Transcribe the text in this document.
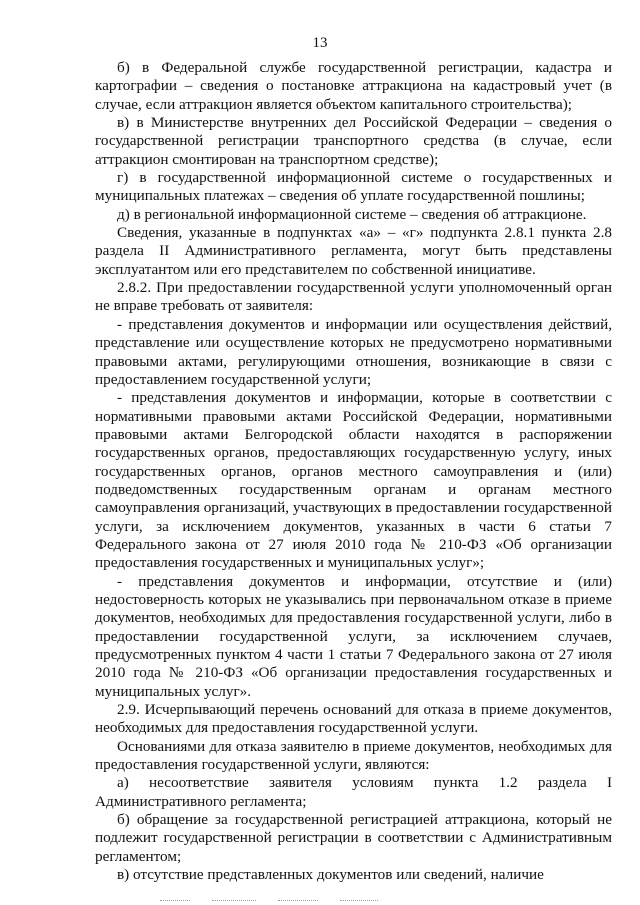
13

б) в Федеральной службе государственной регистрации, кадастра и картографии – сведения о постановке аттракциона на кадастровый учет (в случае, если аттракцион является объектом капитального строительства);

в) в Министерстве внутренних дел Российской Федерации – сведения о государственной регистрации транспортного средства (в случае, если аттракцион смонтирован на транспортном средстве);

г) в государственной информационной системе о государственных и муниципальных платежах – сведения об уплате государственной пошлины;

д) в региональной информационной системе – сведения об аттракционе.

Сведения, указанные в подпунктах «а» – «г» подпункта 2.8.1 пункта 2.8 раздела II Административного регламента, могут быть представлены эксплуатантом или его представителем по собственной инициативе.

2.8.2. При предоставлении государственной услуги уполномоченный орган не вправе требовать от заявителя:

- представления документов и информации или осуществления действий, представление или осуществление которых не предусмотрено нормативными правовыми актами, регулирующими отношения, возникающие в связи с предоставлением государственной услуги;

- представления документов и информации, которые в соответствии с нормативными правовыми актами Российской Федерации, нормативными правовыми актами Белгородской области находятся в распоряжении государственных органов, предоставляющих государственную услугу, иных государственных органов, органов местного самоуправления и (или) подведомственных государственным органам и органам местного самоуправления организаций, участвующих в предоставлении государственной услуги, за исключением документов, указанных в части 6 статьи 7 Федерального закона от 27 июля 2010 года № 210-ФЗ «Об организации предоставления государственных и муниципальных услуг»;

- представления документов и информации, отсутствие и (или) недостоверность которых не указывались при первоначальном отказе в приеме документов, необходимых для предоставления государственной услуги, либо в предоставлении государственной услуги, за исключением случаев, предусмотренных пунктом 4 части 1 статьи 7 Федерального закона от 27 июля 2010 года № 210-ФЗ «Об организации предоставления государственных и муниципальных услуг».

2.9. Исчерпывающий перечень оснований для отказа в приеме документов, необходимых для предоставления государственной услуги.

Основаниями для отказа заявителю в приеме документов, необходимых для предоставления государственной услуги, являются:

а) несоответствие заявителя условиям пункта 1.2 раздела I Административного регламента;

б) обращение за государственной регистрацией аттракциона, который не подлежит государственной регистрации в соответствии с Административным регламентом;

в) отсутствие представленных документов или сведений, наличие
